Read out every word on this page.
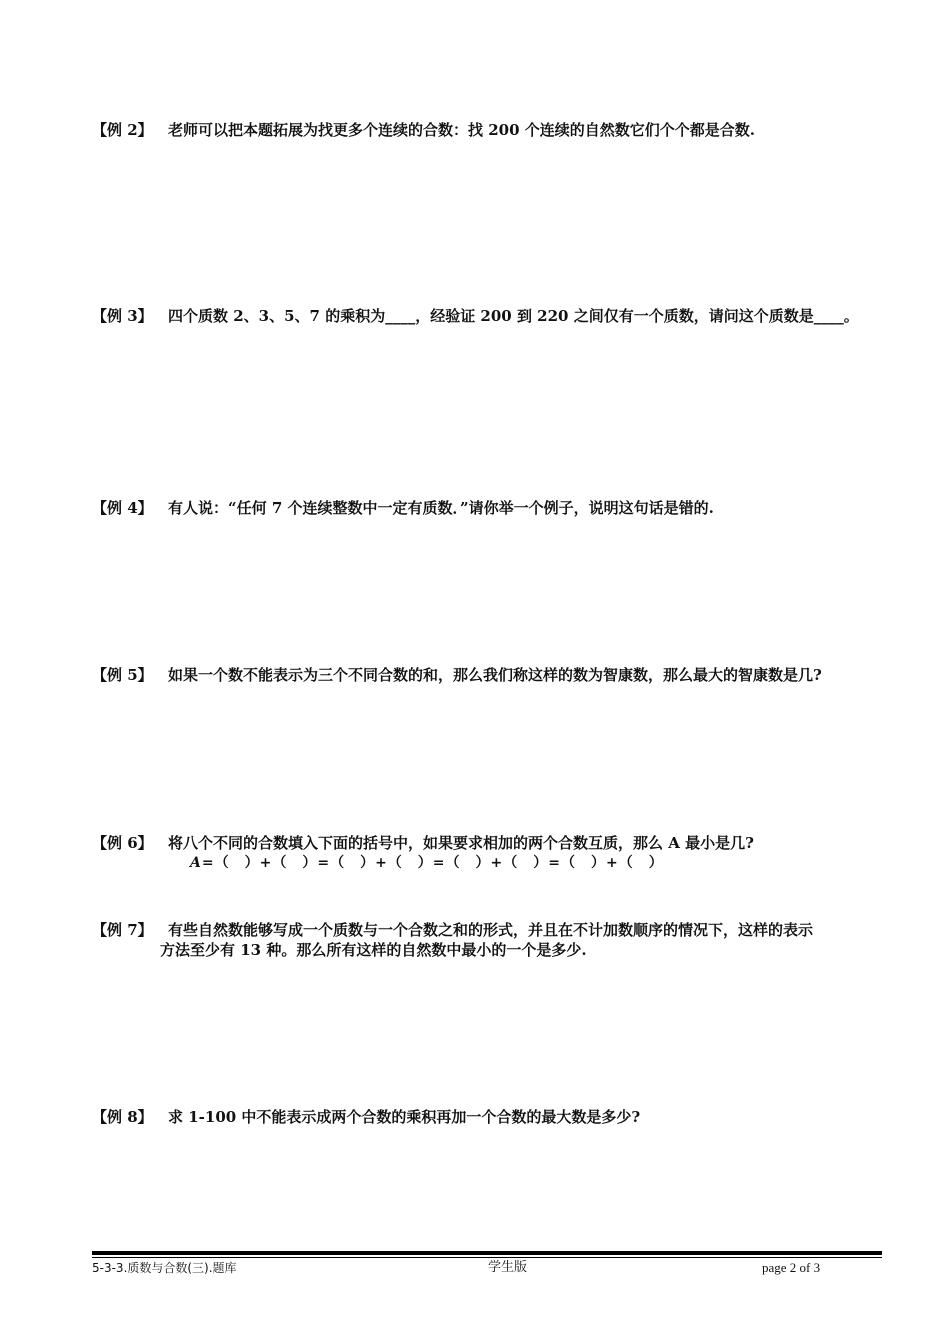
【例 2】 老师可以把本题拓展为找更多个连续的合数：找 200 个连续的自然数它们个个都是合数.
【例 3】 四个质数 2、3、5、7 的乘积为____，经验证 200 到 220 之间仅有一个质数，请问这个质数是____。
【例 4】 有人说：“任何 7 个连续整数中一定有质数．”请你举一个例子，说明这句话是错的.
【例 5】 如果一个数不能表示为三个不同合数的和，那么我们称这样的数为智康数，那么最大的智康数是几?
【例 6】 将八个不同的合数填入下面的括号中，如果要求相加的两个合数互质，那么 A 最小是几?
A=（　）+（　）=（　）+（　）=（　）+（　）=（　）+（　）
【例 7】 有些自然数能够写成一个质数与一个合数之和的形式，并且在不计加数顺序的情况下，这样的表示
方法至少有 13 种。那么所有这样的自然数中最小的一个是多少.
【例 8】 求 1-100 中不能表示成两个合数的乘积再加一个合数的最大数是多少?
5-3-3.质数与合数(三).题库	学生版	page 2 of 3
